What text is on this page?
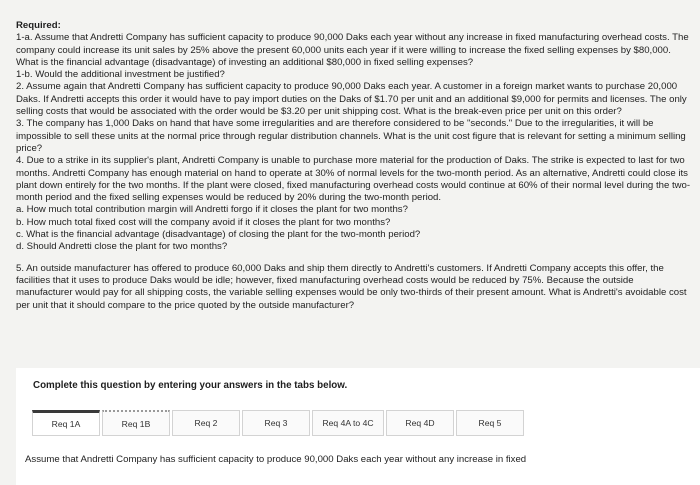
Required:

1-a. Assume that Andretti Company has sufficient capacity to produce 90,000 Daks each year without any increase in fixed manufacturing overhead costs. The company could increase its unit sales by 25% above the present 60,000 units each year if it were willing to increase the fixed selling expenses by $80,000. What is the financial advantage (disadvantage) of investing an additional $80,000 in fixed selling expenses?

1-b. Would the additional investment be justified?

2. Assume again that Andretti Company has sufficient capacity to produce 90,000 Daks each year. A customer in a foreign market wants to purchase 20,000 Daks. If Andretti accepts this order it would have to pay import duties on the Daks of $1.70 per unit and an additional $9,000 for permits and licenses. The only selling costs that would be associated with the order would be $3.20 per unit shipping cost. What is the break-even price per unit on this order?

3. The company has 1,000 Daks on hand that have some irregularities and are therefore considered to be "seconds." Due to the irregularities, it will be impossible to sell these units at the normal price through regular distribution channels. What is the unit cost figure that is relevant for setting a minimum selling price?

4. Due to a strike in its supplier's plant, Andretti Company is unable to purchase more material for the production of Daks. The strike is expected to last for two months. Andretti Company has enough material on hand to operate at 30% of normal levels for the two-month period. As an alternative, Andretti could close its plant down entirely for the two months. If the plant were closed, fixed manufacturing overhead costs would continue at 60% of their normal level during the two-month period and the fixed selling expenses would be reduced by 20% during the two-month period.

a. How much total contribution margin will Andretti forgo if it closes the plant for two months?

b. How much total fixed cost will the company avoid if it closes the plant for two months?

c. What is the financial advantage (disadvantage) of closing the plant for the two-month period?

d. Should Andretti close the plant for two months?

5. An outside manufacturer has offered to produce 60,000 Daks and ship them directly to Andretti's customers. If Andretti Company accepts this offer, the facilities that it uses to produce Daks would be idle; however, fixed manufacturing overhead costs would be reduced by 75%. Because the outside manufacturer would pay for all shipping costs, the variable selling expenses would be only two-thirds of their present amount. What is Andretti's avoidable cost per unit that it should compare to the price quoted by the outside manufacturer?

Complete this question by entering your answers in the tabs below.
Req 1A	Req 1B	Req 2	Req 3	Req 4A to 4C	Req 4D	Req 5
Assume that Andretti Company has sufficient capacity to produce 90,000 Daks each year without any increase in fixed
